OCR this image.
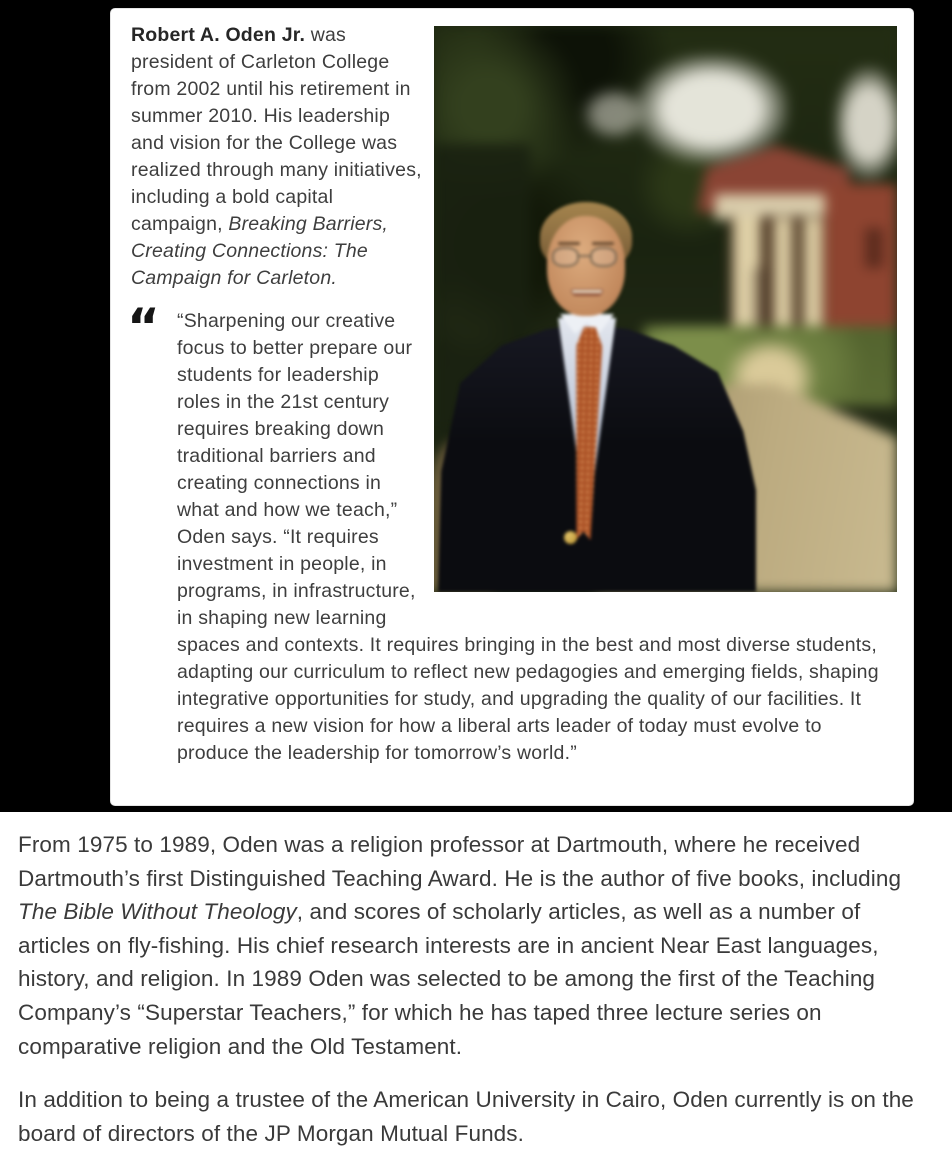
Robert A. Oden Jr. was president of Carleton College from 2002 until his retirement in summer 2010. His leadership and vision for the College was realized through many initiatives, including a bold capital campaign, Breaking Barriers, Creating Connections: The Campaign for Carleton.

“ “Sharpening our creative focus to better prepare our students for leadership roles in the 21st century requires breaking down traditional barriers and creating connections in what and how we teach,” Oden says. “It requires investment in people, in programs, in infrastructure, in shaping new learning spaces and contexts. It requires bringing in the best and most diverse students, adapting our curriculum to reflect new pedagogies and emerging fields, shaping integrative opportunities for study, and upgrading the quality of our facilities. It requires a new vision for how a liberal arts leader of today must evolve to produce the leadership for tomorrow’s world.”

From 1975 to 1989, Oden was a religion professor at Dartmouth, where he received Dartmouth’s first Distinguished Teaching Award. He is the author of five books, including The Bible Without Theology, and scores of scholarly articles, as well as a number of articles on fly-fishing. His chief research interests are in ancient Near East languages, history, and religion. In 1989 Oden was selected to be among the first of the Teaching Company’s “Superstar Teachers,” for which he has taped three lecture series on comparative religion and the Old Testament.

In addition to being a trustee of the American University in Cairo, Oden currently is on the board of directors of the JP Morgan Mutual Funds.
